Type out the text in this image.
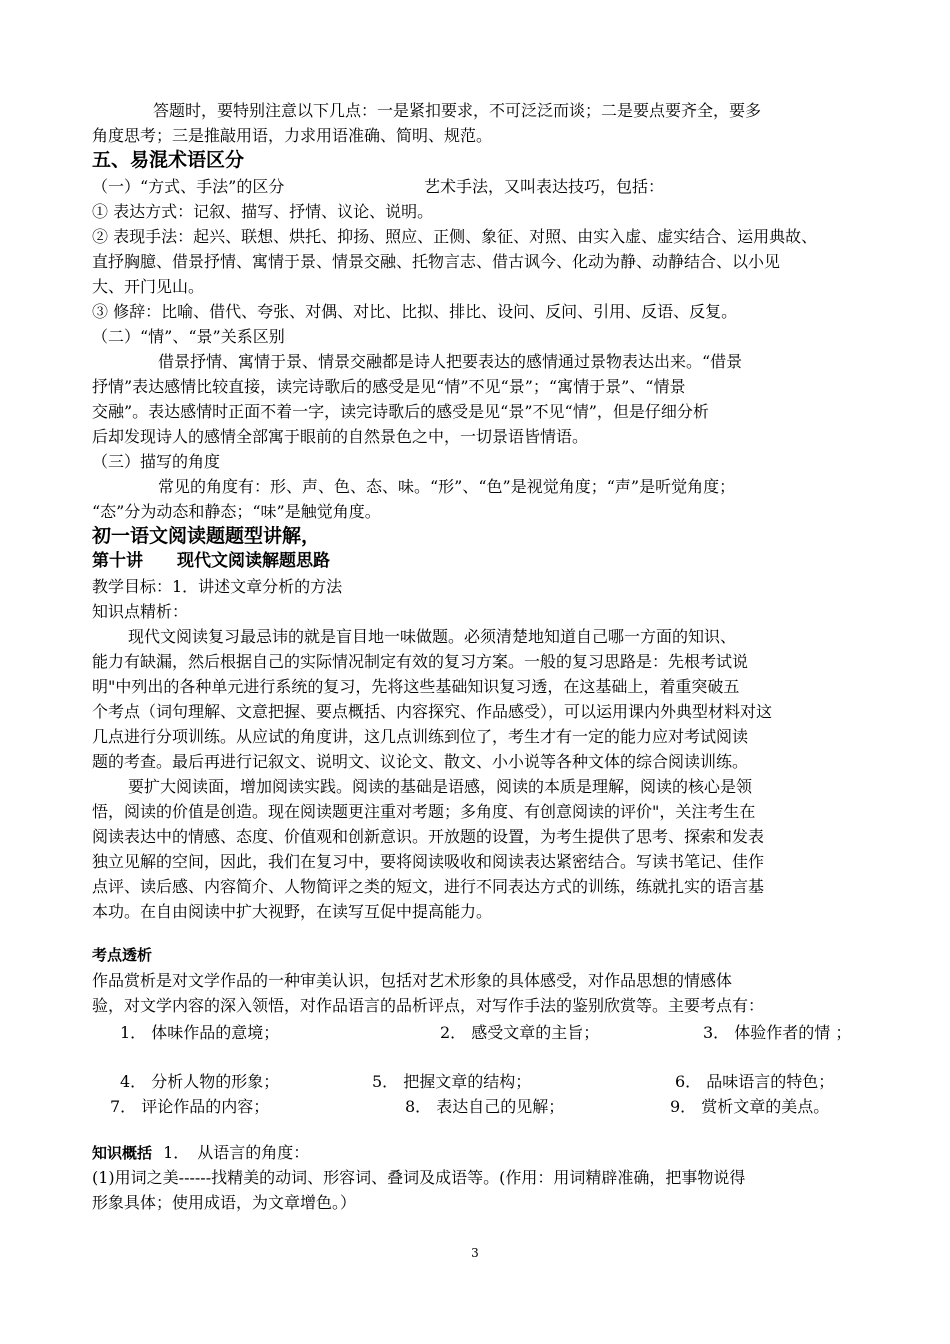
答题时，要特别注意以下几点：一是紧扣要求，不可泛泛而谈；二是要点要齐全，要多
角度思考；三是推敲用语，力求用语准确、简明、规范。
五、易混术语区分
（一）“方式、手法”的区分	艺术手法，又叫表达技巧，包括：
① 表达方式：记叙、描写、抒情、议论、说明。
② 表现手法：起兴、联想、烘托、抑扬、照应、正侧、象征、对照、由实入虚、虚实结合、运用典故、
直抒胸臆、借景抒情、寓情于景、情景交融、托物言志、借古讽今、化动为静、动静结合、以小见
大、开门见山。
③ 修辞：比喻、借代、夸张、对偶、对比、比拟、排比、设问、反问、引用、反语、反复。
（二）“情”、“景”关系区别
借景抒情、寓情于景、情景交融都是诗人把要表达的感情通过景物表达出来。“借景
抒情”表达感情比较直接，读完诗歌后的感受是见“情”不见“景”；“寓情于景”、“情景
交融”。表达感情时正面不着一字，读完诗歌后的感受是见“景”不见“情”，但是仔细分析
后却发现诗人的感情全部寓于眼前的自然景色之中，一切景语皆情语。
（三）描写的角度
常见的角度有：形、声、色、态、味。“形”、“色”是视觉角度；“声”是听觉角度；
“态”分为动态和静态；“味”是触觉角度。
初一语文阅读题题型讲解，
第十讲　　现代文阅读解题思路
教学目标：1．讲述文章分析的方法
知识点精析：
现代文阅读复习最忌讳的就是盲目地一味做题。必须清楚地知道自己哪一方面的知识、
能力有缺漏，然后根据自己的实际情况制定有效的复习方案。一般的复习思路是：先根考试说
明"中列出的各种单元进行系统的复习，先将这些基础知识复习透，在这基础上，着重突破五
个考点（词句理解、文意把握、要点概括、内容探究、作品感受），可以运用课内外典型材料对这
几点进行分项训练。从应试的角度讲，这几点训练到位了，考生才有一定的能力应对考试阅读
题的考查。最后再进行记叙文、说明文、议论文、散文、小小说等各种文体的综合阅读训练。
要扩大阅读面，增加阅读实践。阅读的基础是语感，阅读的本质是理解，阅读的核心是领
悟，阅读的价值是创造。现在阅读题更注重对考题；多角度、有创意阅读的评价"，关注考生在
阅读表达中的情感、态度、价值观和创新意识。开放题的设置，为考生提供了思考、探索和发表
独立见解的空间，因此，我们在复习中，要将阅读吸收和阅读表达紧密结合。写读书笔记、佳作
点评、读后感、内容简介、人物简评之类的短文，进行不同表达方式的训练，练就扎实的语言基
本功。在自由阅读中扩大视野，在读写互促中提高能力。
考点透析
作品赏析是对文学作品的一种审美认识，包括对艺术形象的具体感受，对作品思想的情感体
验，对文学内容的深入领悟，对作品语言的品析评点，对写作手法的鉴别欣赏等。主要考点有：
1． 体味作品的意境；	2． 感受文章的主旨；	3． 体验作者的情 ；
4． 分析人物的形象；	5． 把握文章的结构；	6． 品味语言的特色；
7． 评论作品的内容；	8． 表达自己的见解；	9． 赏析文章的美点。
知识概括 1．　从语言的角度：
(1)用词之美------找精美的动词、形容词、叠词及成语等。(作用：用词精辟准确，把事物说得
形象具体；使用成语，为文章增色。）
3
